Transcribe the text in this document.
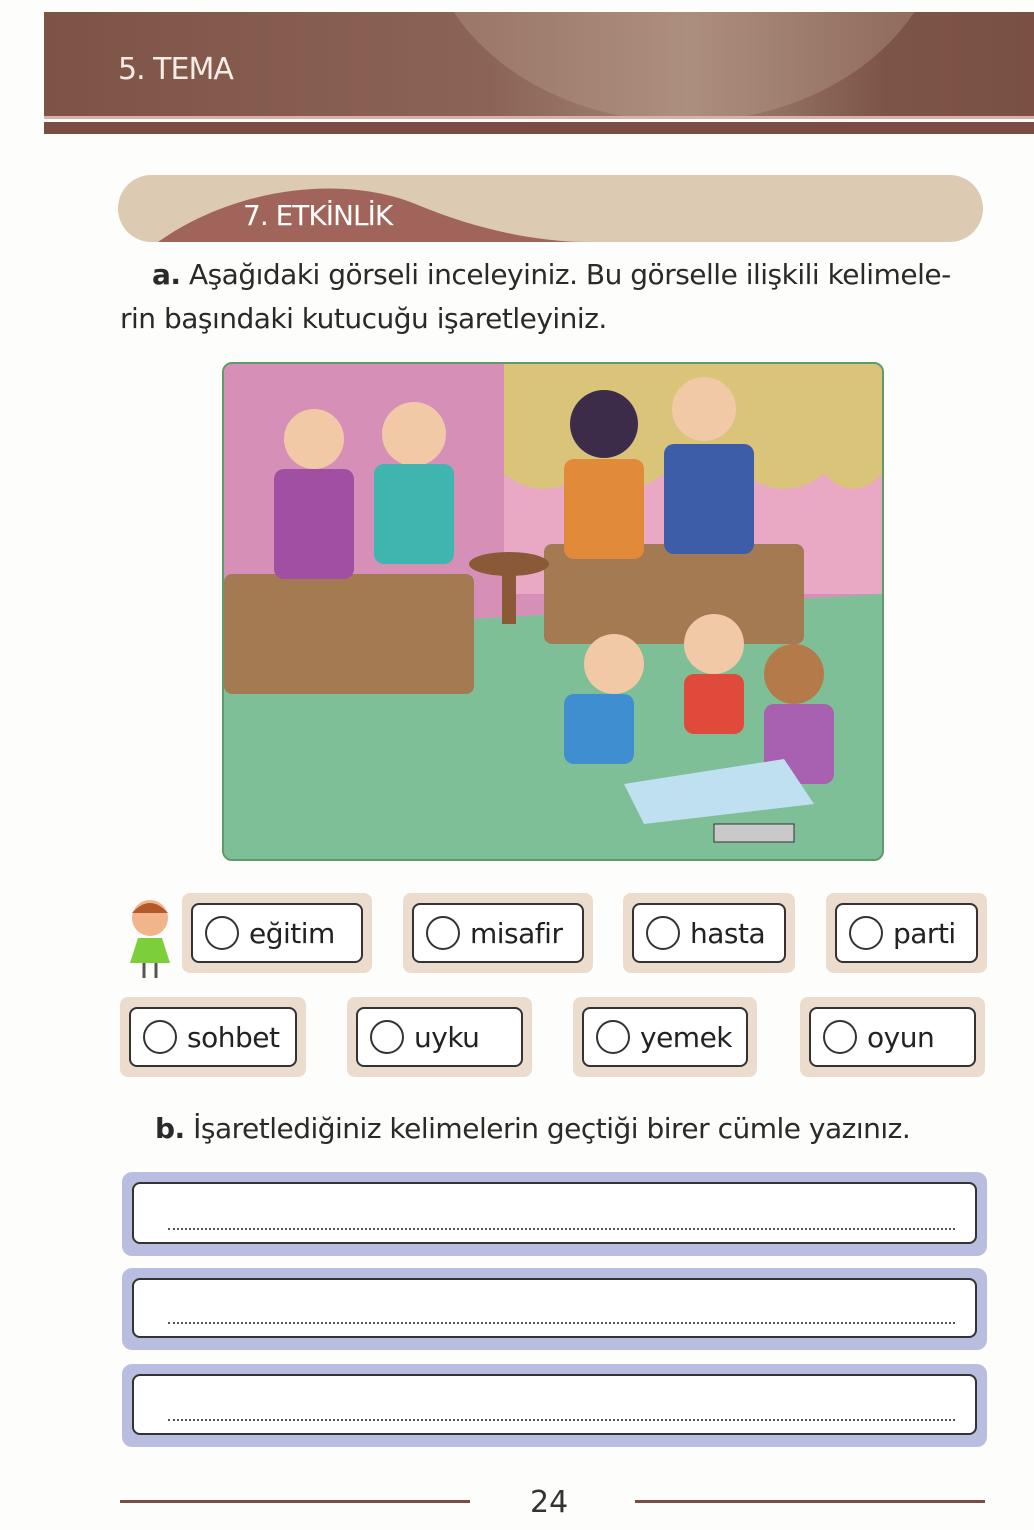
5. TEMA
7. ETKİNLİK
a. Aşağıdaki görseli inceleyiniz. Bu görselle ilişkili kelimele-
rin başındaki kutucuğu işaretleyiniz.
eğitim	misafir	hasta	parti
sohbet	uyku	yemek	oyun
b. İşaretlediğiniz kelimelerin geçtiği birer cümle yazınız.
24
